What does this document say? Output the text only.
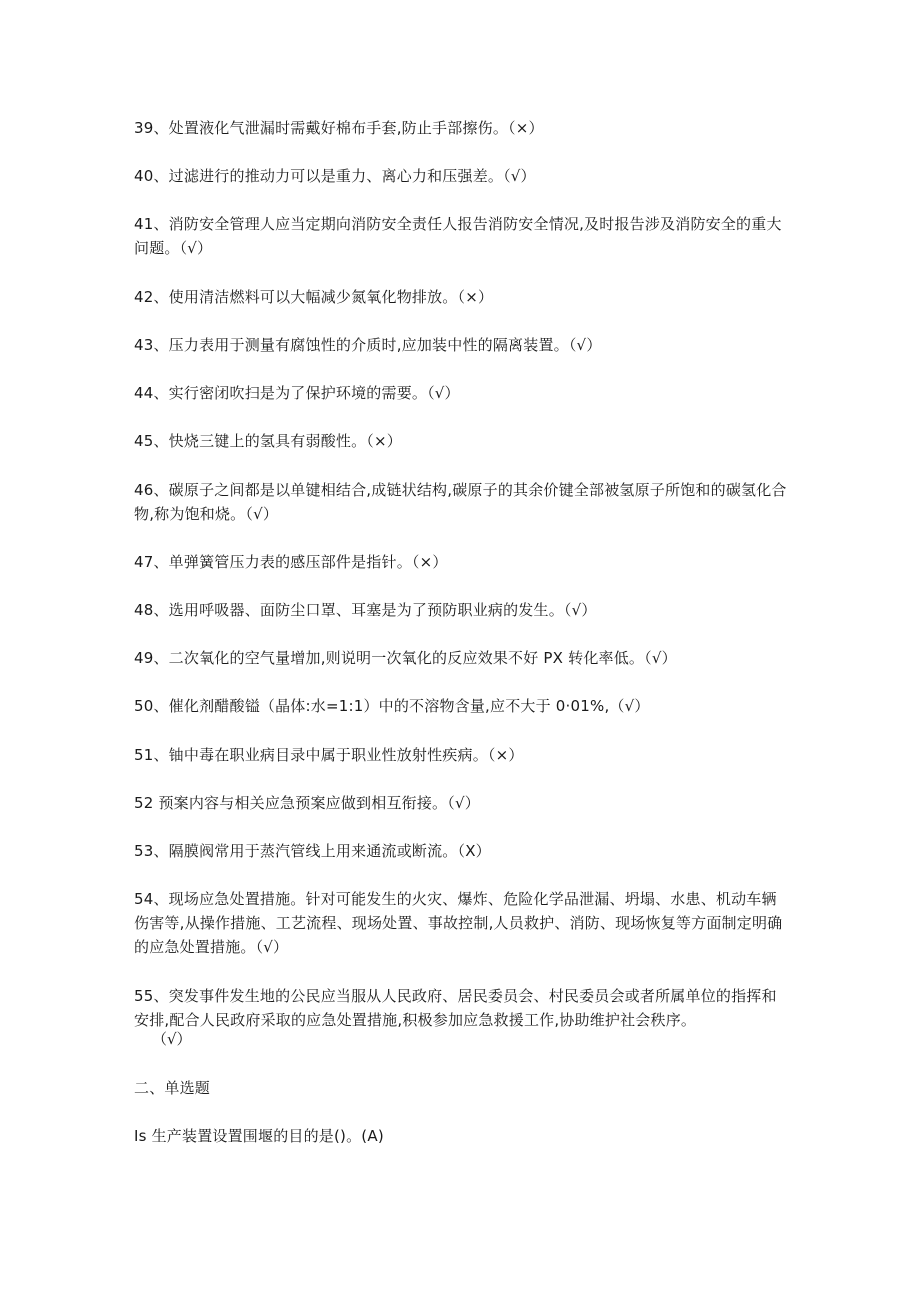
39、处置液化气泄漏时需戴好棉布手套,防止手部擦伤。（×）
40、过滤进行的推动力可以是重力、离心力和压强差。（√）
41、消防安全管理人应当定期向消防安全责任人报告消防安全情况,及时报告涉及消防安全的重大
问题。（√）
42、使用清洁燃料可以大幅减少氮氧化物排放。（×）
43、压力表用于测量有腐蚀性的介质时,应加装中性的隔离装置。（√）
44、实行密闭吹扫是为了保护环境的需要。（√）
45、快烧三键上的氢具有弱酸性。（×）
46、碳原子之间都是以单键相结合,成链状结构,碳原子的其余价键全部被氢原子所饱和的碳氢化合
物,称为饱和烧。（√）
47、单弹簧管压力表的感压部件是指针。（×）
48、选用呼吸器、面防尘口罩、耳塞是为了预防职业病的发生。（√）
49、二次氧化的空气量增加,则说明一次氧化的反应效果不好 PX 转化率低。（√）
50、催化剂醋酸镒（晶体:水=1:1）中的不溶物含量,应不大于 0·01%,（√）
51、铀中毒在职业病目录中属于职业性放射性疾病。（×）
52 预案内容与相关应急预案应做到相互衔接。（√）
53、隔膜阀常用于蒸汽管线上用来通流或断流。（X）
54、现场应急处置措施。针对可能发生的火灾、爆炸、危险化学品泄漏、坍塌、水患、机动车辆
伤害等,从操作措施、工艺流程、现场处置、事故控制,人员救护、消防、现场恢复等方面制定明确
的应急处置措施。（√）
55、突发事件发生地的公民应当服从人民政府、居民委员会、村民委员会或者所属单位的指挥和
安排,配合人民政府采取的应急处置措施,积极参加应急救援工作,协助维护社会秩序。
（√）
二、单选题
Is 生产装置设置围堰的目的是()。(A)
